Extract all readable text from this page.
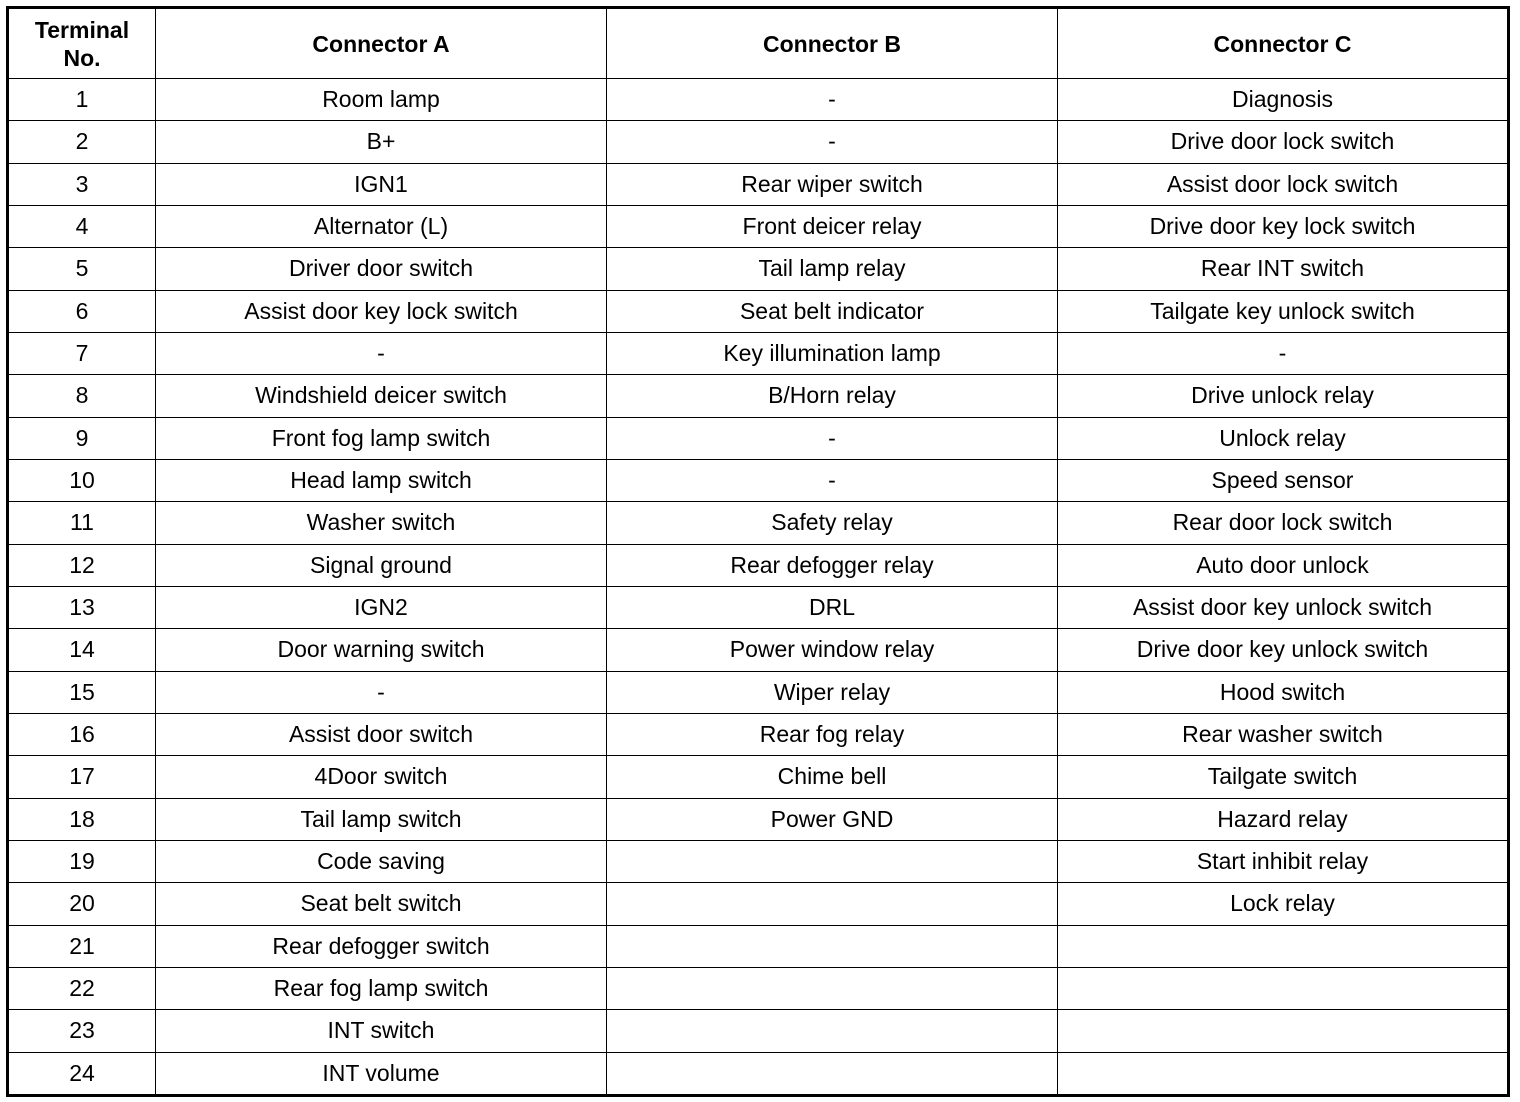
Terminal
No.	Connector A	Connector B	Connector C
1	Room lamp	-	Diagnosis
2	B+	-	Drive door lock switch
3	IGN1	Rear wiper switch	Assist door lock switch
4	Alternator (L)	Front deicer relay	Drive door key lock switch
5	Driver door switch	Tail lamp relay	Rear INT switch
6	Assist door key lock switch	Seat belt indicator	Tailgate key unlock switch
7	-	Key illumination lamp	-
8	Windshield deicer switch	B/Horn relay	Drive unlock relay
9	Front fog lamp switch	-	Unlock relay
10	Head lamp switch	-	Speed sensor
11	Washer switch	Safety relay	Rear door lock switch
12	Signal ground	Rear defogger relay	Auto door unlock
13	IGN2	DRL	Assist door key unlock switch
14	Door warning switch	Power window relay	Drive door key unlock switch
15	-	Wiper relay	Hood switch
16	Assist door switch	Rear fog relay	Rear washer switch
17	4Door switch	Chime bell	Tailgate switch
18	Tail lamp switch	Power GND	Hazard relay
19	Code saving		Start inhibit relay
20	Seat belt switch		Lock relay
21	Rear defogger switch		
22	Rear fog lamp switch		
23	INT switch		
24	INT volume		
